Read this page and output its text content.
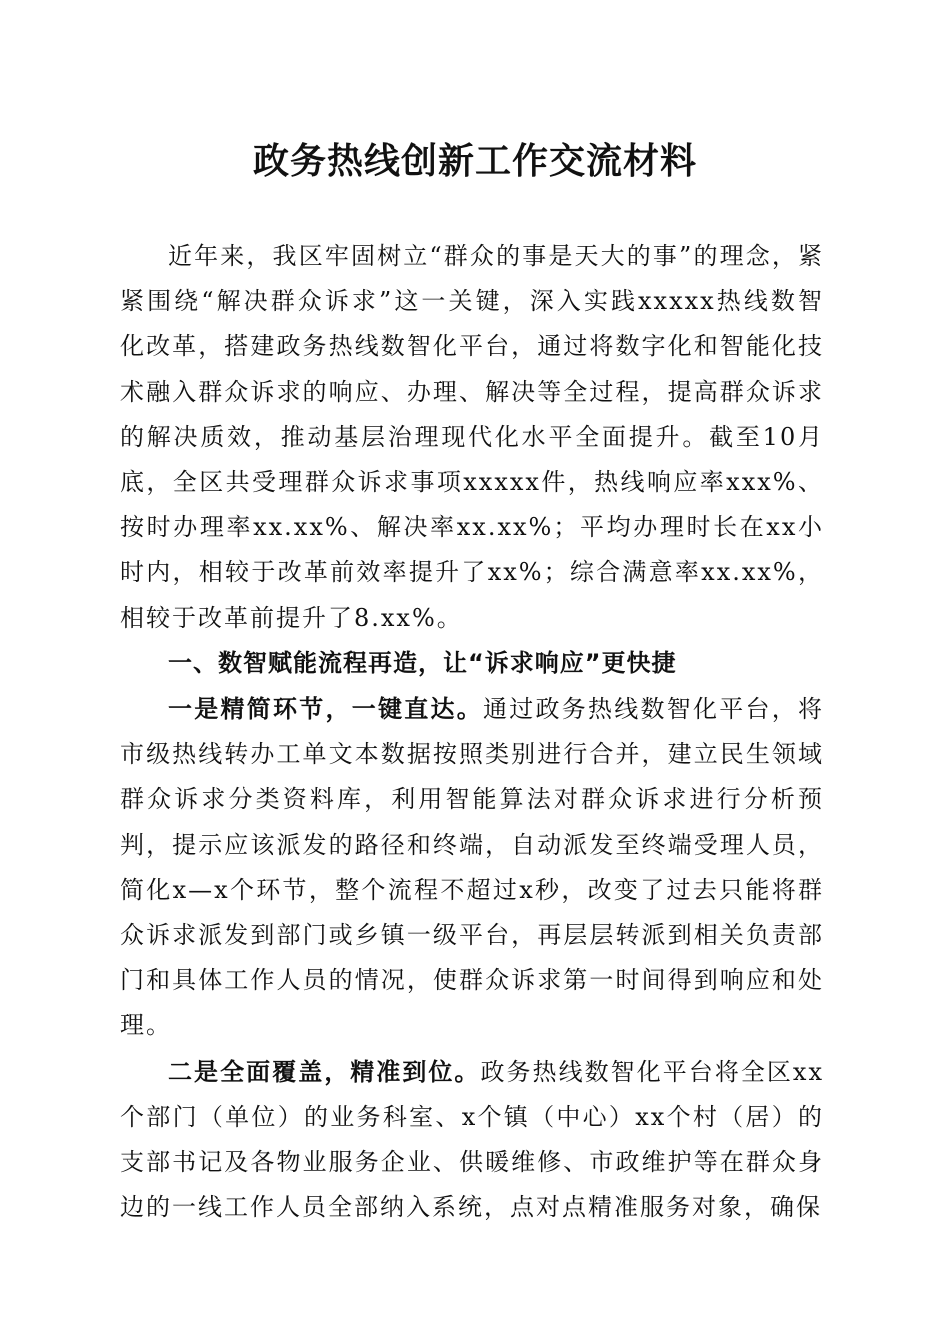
政务热线创新工作交流材料

近年来，我区牢固树立“群众的事是天大的事”的理念，紧紧围绕“解决群众诉求”这一关键，深入实践xxxxx热线数智化改革，搭建政务热线数智化平台，通过将数字化和智能化技术融入群众诉求的响应、办理、解决等全过程，提高群众诉求的解决质效，推动基层治理现代化水平全面提升。截至10月底，全区共受理群众诉求事项xxxxx件，热线响应率xxx%、按时办理率xx.xx%、解决率xx.xx%；平均办理时长在xx小时内，相较于改革前效率提升了xx%；综合满意率xx.xx%，相较于改革前提升了8.xx%。

一、数智赋能流程再造，让“诉求响应”更快捷

一是精简环节，一键直达。通过政务热线数智化平台，将市级热线转办工单文本数据按照类别进行合并，建立民生领域群众诉求分类资料库，利用智能算法对群众诉求进行分析预判，提示应该派发的路径和终端，自动派发至终端受理人员，简化x—x个环节，整个流程不超过x秒，改变了过去只能将群众诉求派发到部门或乡镇一级平台，再层层转派到相关负责部门和具体工作人员的情况，使群众诉求第一时间得到响应和处理。

二是全面覆盖，精准到位。政务热线数智化平台将全区xx个部门（单位）的业务科室、x个镇（中心）xx个村（居）的支部书记及各物业服务企业、供暖维修、市政维护等在群众身边的一线工作人员全部纳入系统，点对点精准服务对象，确保
